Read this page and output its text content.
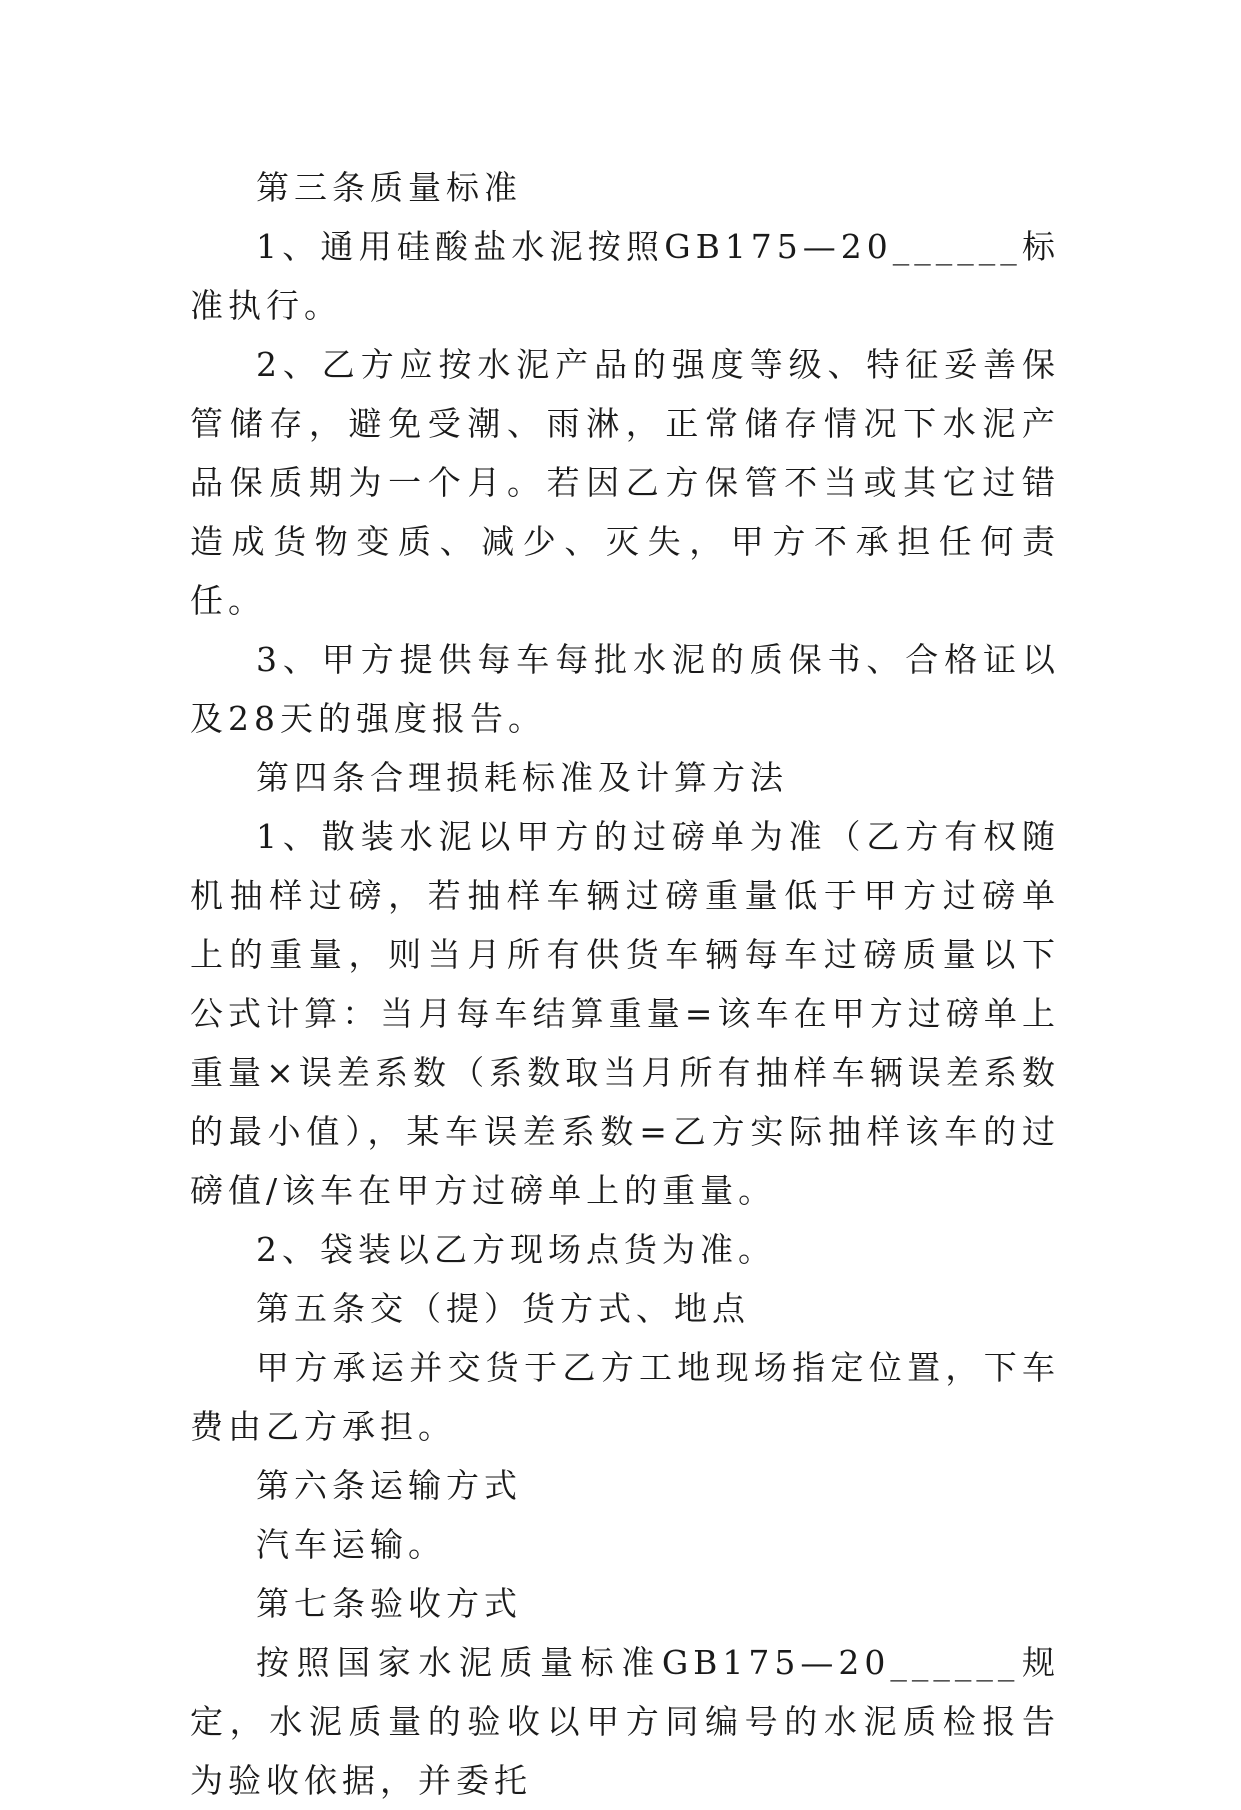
第三条质量标准

1、通用硅酸盐水泥按照GB175—20______标准执行。

2、乙方应按水泥产品的强度等级、特征妥善保管储存，避免受潮、雨淋，正常储存情况下水泥产品保质期为一个月。若因乙方保管不当或其它过错造成货物变质、减少、灭失，甲方不承担任何责任。

3、甲方提供每车每批水泥的质保书、合格证以及28天的强度报告。

第四条合理损耗标准及计算方法

1、散装水泥以甲方的过磅单为准（乙方有权随机抽样过磅，若抽样车辆过磅重量低于甲方过磅单上的重量，则当月所有供货车辆每车过磅质量以下公式计算：当月每车结算重量=该车在甲方过磅单上重量×误差系数（系数取当月所有抽样车辆误差系数的最小值），某车误差系数=乙方实际抽样该车的过磅值/该车在甲方过磅单上的重量。

2、袋装以乙方现场点货为准。

第五条交（提）货方式、地点

甲方承运并交货于乙方工地现场指定位置，下车费由乙方承担。

第六条运输方式

汽车运输。

第七条验收方式

按照国家水泥质量标准GB175—20______规定，水泥质量的验收以甲方同编号的水泥质检报告为验收依据，并委托
